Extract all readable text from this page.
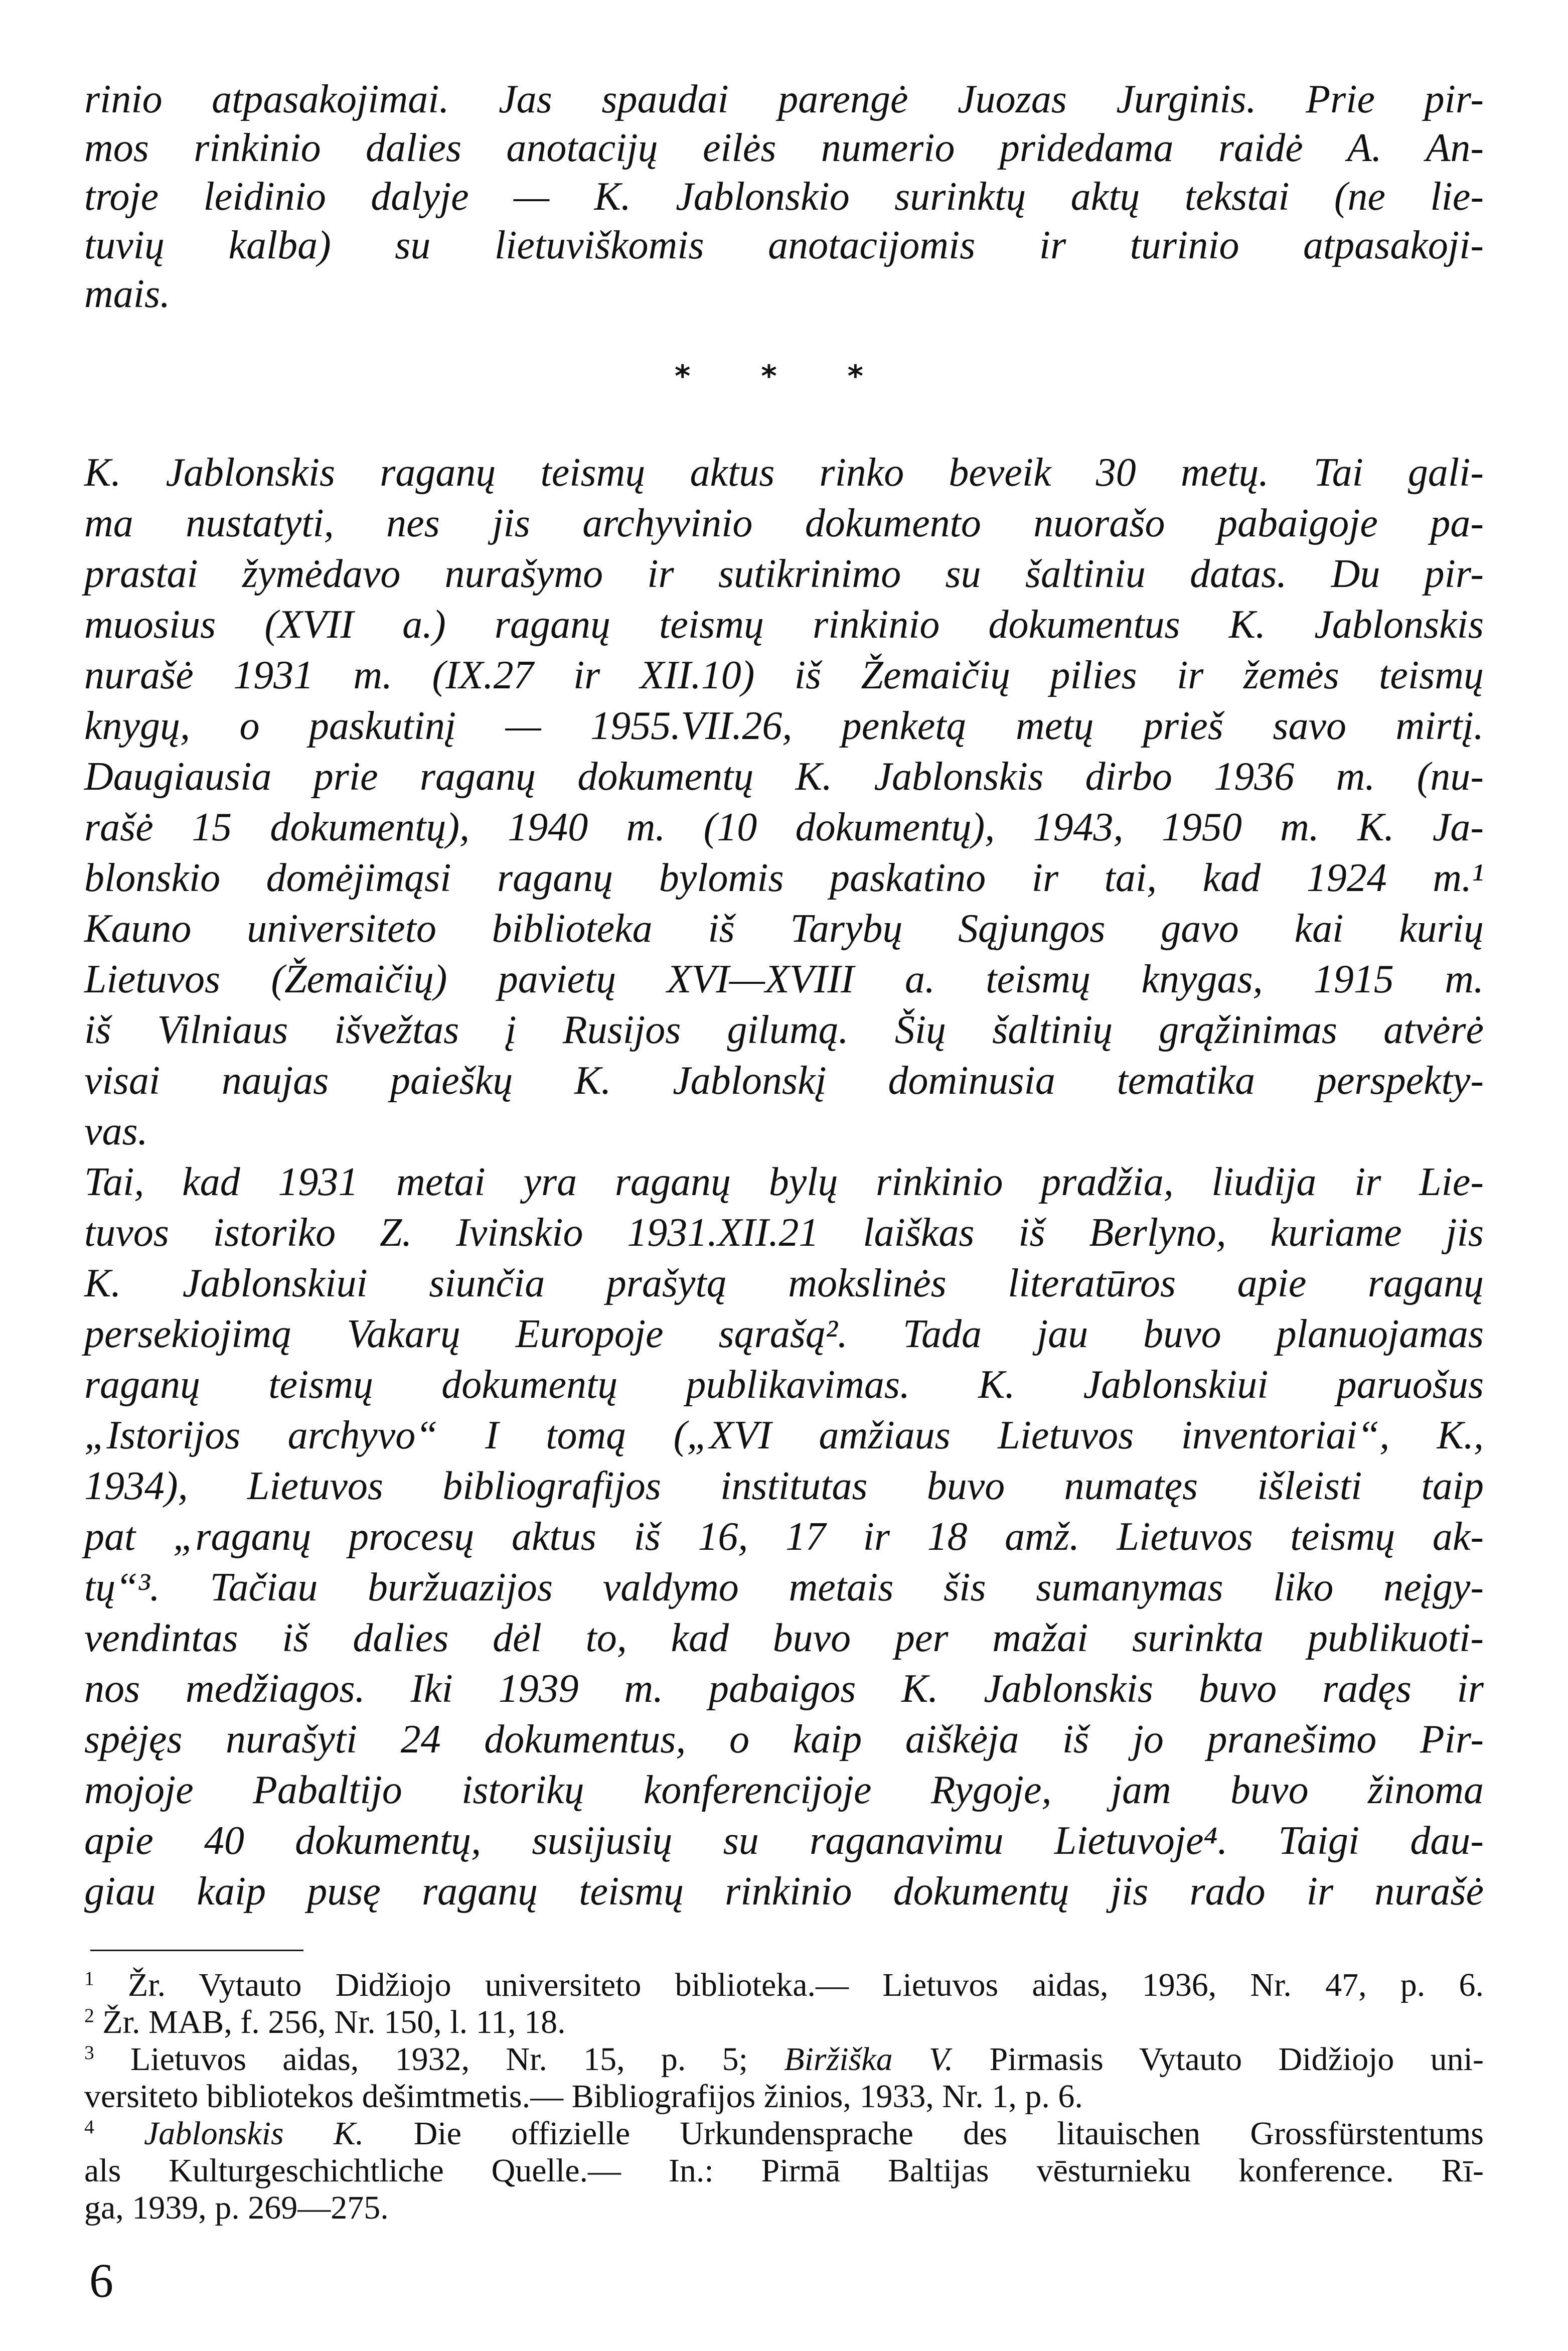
rinio atpasakojimai. Jas spaudai parengė Juozas Jurginis. Prie pir-
mos rinkinio dalies anotacijų eilės numerio pridedama raidė A. An-
troje leidinio dalyje — K. Jablonskio surinktų aktų tekstai (ne lie-
tuvių kalba) su lietuviškomis anotacijomis ir turinio atpasakoji-
mais.
* * *
K. Jablonskis raganų teismų aktus rinko beveik 30 metų. Tai gali-
ma nustatyti, nes jis archyvinio dokumento nuorašo pabaigoje pa-
prastai žymėdavo nurašymo ir sutikrinimo su šaltiniu datas. Du pir-
muosius (XVII a.) raganų teismų rinkinio dokumentus K. Jablonskis
nurašė 1931 m. (IX.27 ir XII.10) iš Žemaičių pilies ir žemės teismų
knygų, o paskutinį — 1955.VII.26, penketą metų prieš savo mirtį.
Daugiausia prie raganų dokumentų K. Jablonskis dirbo 1936 m. (nu-
rašė 15 dokumentų), 1940 m. (10 dokumentų), 1943, 1950 m. K. Ja-
blonskio domėjimąsi raganų bylomis paskatino ir tai, kad 1924 m.¹
Kauno universiteto biblioteka iš Tarybų Sąjungos gavo kai kurių
Lietuvos (Žemaičių) pavietų XVI—XVIII a. teismų knygas, 1915 m.
iš Vilniaus išvežtas į Rusijos gilumą. Šių šaltinių grąžinimas atvėrė
visai naujas paieškų K. Jablonskį dominusia tematika perspekty-
vas.
Tai, kad 1931 metai yra raganų bylų rinkinio pradžia, liudija ir Lie-
tuvos istoriko Z. Ivinskio 1931.XII.21 laiškas iš Berlyno, kuriame jis
K. Jablonskiui siunčia prašytą mokslinės literatūros apie raganų
persekiojimą Vakarų Europoje sąrašą². Tada jau buvo planuojamas
raganų teismų dokumentų publikavimas. K. Jablonskiui paruošus
„Istorijos archyvo“ I tomą („XVI amžiaus Lietuvos inventoriai“, K.,
1934), Lietuvos bibliografijos institutas buvo numatęs išleisti taip
pat „raganų procesų aktus iš 16, 17 ir 18 amž. Lietuvos teismų ak-
tų“³. Tačiau buržuazijos valdymo metais šis sumanymas liko neįgy-
vendintas iš dalies dėl to, kad buvo per mažai surinkta publikuoti-
nos medžiagos. Iki 1939 m. pabaigos K. Jablonskis buvo radęs ir
spėjęs nurašyti 24 dokumentus, o kaip aiškėja iš jo pranešimo Pir-
mojoje Pabaltijo istorikų konferencijoje Rygoje, jam buvo žinoma
apie 40 dokumentų, susijusių su raganavimu Lietuvoje⁴. Taigi dau-
giau kaip pusę raganų teismų rinkinio dokumentų jis rado ir nurašė
$^1$ Žr. Vytauto Didžiojo universiteto biblioteka.— Lietuvos aidas, 1936, Nr. 47, p. 6.
$^2$ Žr. MAB, f. 256, Nr. 150, l. 11, 18.
$^3$ Lietuvos aidas, 1932, Nr. 15, p. 5; Biržiška V. Pirmasis Vytauto Didžiojo uni-
versiteto bibliotekos dešimtmetis.— Bibliografijos žinios, 1933, Nr. 1, p. 6.
$^4$ Jablonskis K. Die offizielle Urkundensprache des litauischen Grossfürstentums
als Kulturgeschichtliche Quelle.— In.: Pirmā Baltijas vēsturnieku konference. Rī-
ga, 1939, p. 269—275.
6
